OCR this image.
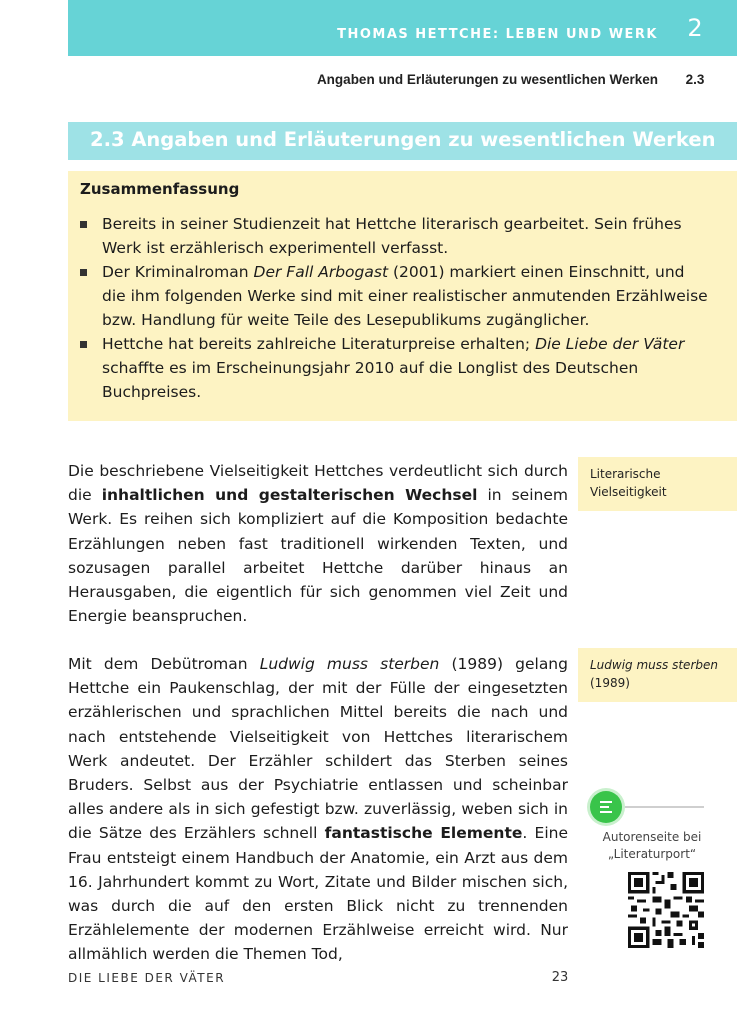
THOMAS HETTCHE: LEBEN UND WERK	2
Angaben und Erläuterungen zu wesentlichen Werken	2.3
2.3 Angaben und Erläuterungen zu wesentlichen Werken
Zusammenfassung
Bereits in seiner Studienzeit hat Hettche literarisch gearbeitet. Sein frühes Werk ist erzählerisch experimentell verfasst.
Der Kriminalroman Der Fall Arbogast (2001) markiert einen Einschnitt, und die ihm folgenden Werke sind mit einer realistischer anmutenden Erzählweise bzw. Handlung für weite Teile des Lesepublikums zugänglicher.
Hettche hat bereits zahlreiche Literaturpreise erhalten; Die Liebe der Väter schaffte es im Erscheinungsjahr 2010 auf die Longlist des Deutschen Buchpreises.

Die beschriebene Vielseitigkeit Hettches verdeutlicht sich durch die inhaltlichen und gestalterischen Wechsel in seinem Werk. Es reihen sich kompliziert auf die Komposition bedachte Erzählungen neben fast traditionell wirkenden Texten, und sozusagen parallel arbeitet Hettche darüber hinaus an Herausgaben, die eigentlich für sich genommen viel Zeit und Energie beanspruchen.

Mit dem Debütroman Ludwig muss sterben (1989) gelang Hettche ein Paukenschlag, der mit der Fülle der eingesetzten erzählerischen und sprachlichen Mittel bereits die nach und nach entstehende Vielseitigkeit von Hettches literarischem Werk andeutet. Der Erzähler schildert das Sterben seines Bruders. Selbst aus der Psychiatrie entlassen und scheinbar alles andere als in sich gefestigt bzw. zuverlässig, weben sich in die Sätze des Erzählers schnell fantastische Elemente. Eine Frau entsteigt einem Handbuch der Anatomie, ein Arzt aus dem 16. Jahrhundert kommt zu Wort, Zitate und Bilder mischen sich, was durch die auf den ersten Blick nicht zu trennenden Erzählelemente der modernen Erzählweise erreicht wird. Nur allmählich werden die Themen Tod,

Literarische
Vielseitigkeit
Ludwig muss sterben (1989)
Autorenseite bei
„Literaturport“
DIE LIEBE DER VÄTER	23
